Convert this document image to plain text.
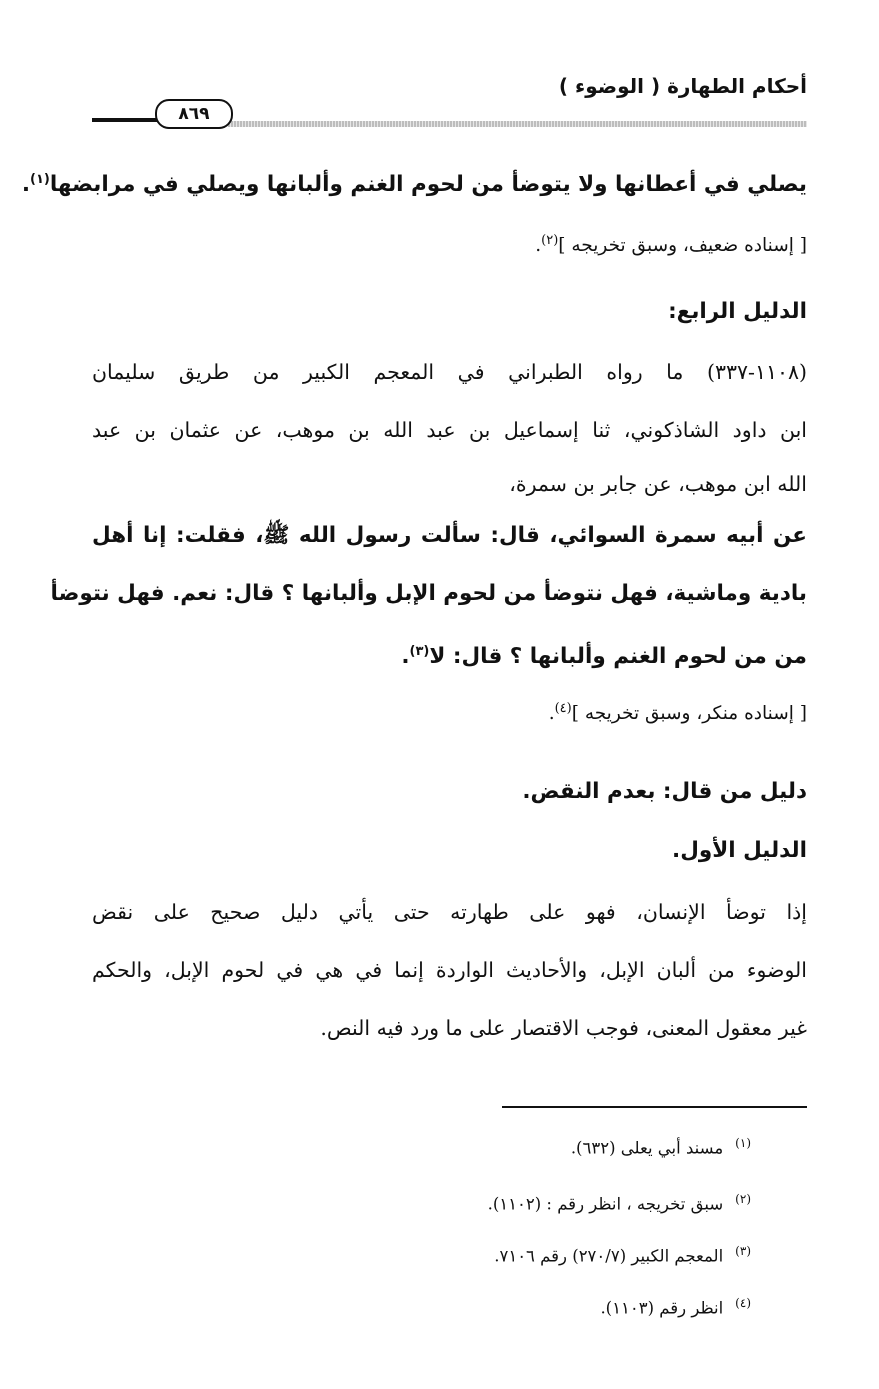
أحكام الطهارة ( الوضوء )
٨٦٩
يصلي في أعطانها ولا يتوضأ من لحوم الغنم وألبانها ويصلي في مرابضها$^{(١)}$.
[ إسناده ضعيف، وسبق تخريجه ]$^{(٢)}$.
الدليل الرابع:
(١١٠٨-٣٣٧) ما رواه الطبراني في المعجم الكبير من طريق سليمان
ابن داود الشاذكوني، ثنا إسماعيل بن عبد الله بن موهب، عن عثمان بن عبد
الله ابن موهب، عن جابر بن سمرة،
عن أبيه سمرة السوائي، قال: سألت رسول الله ﷺ، فقلت: إنا أهل
بادية وماشية، فهل نتوضأ من لحوم الإبل وألبانها ؟ قال: نعم. فهل نتوضأ
من من لحوم الغنم وألبانها ؟ قال: لا$^{(٣)}$.
[ إسناده منكر، وسبق تخريجه ]$^{(٤)}$.
دليل من قال: بعدم النقض.
الدليل الأول.
إذا توضأ الإنسان، فهو على طهارته حتى يأتي دليل صحيح على نقض
الوضوء من ألبان الإبل، والأحاديث الواردة إنما في هي في لحوم الإبل، والحكم
غير معقول المعنى، فوجب الاقتصار على ما ورد فيه النص.
$^{(١)}$مسند أبي يعلى (٦٣٢).
$^{(٢)}$سبق تخريجه ، انظر رقم : (١١٠٢).
$^{(٣)}$المعجم الكبير (٢٧٠/٧) رقم ٧١٠٦.
$^{(٤)}$انظر رقم (١١٠٣).
